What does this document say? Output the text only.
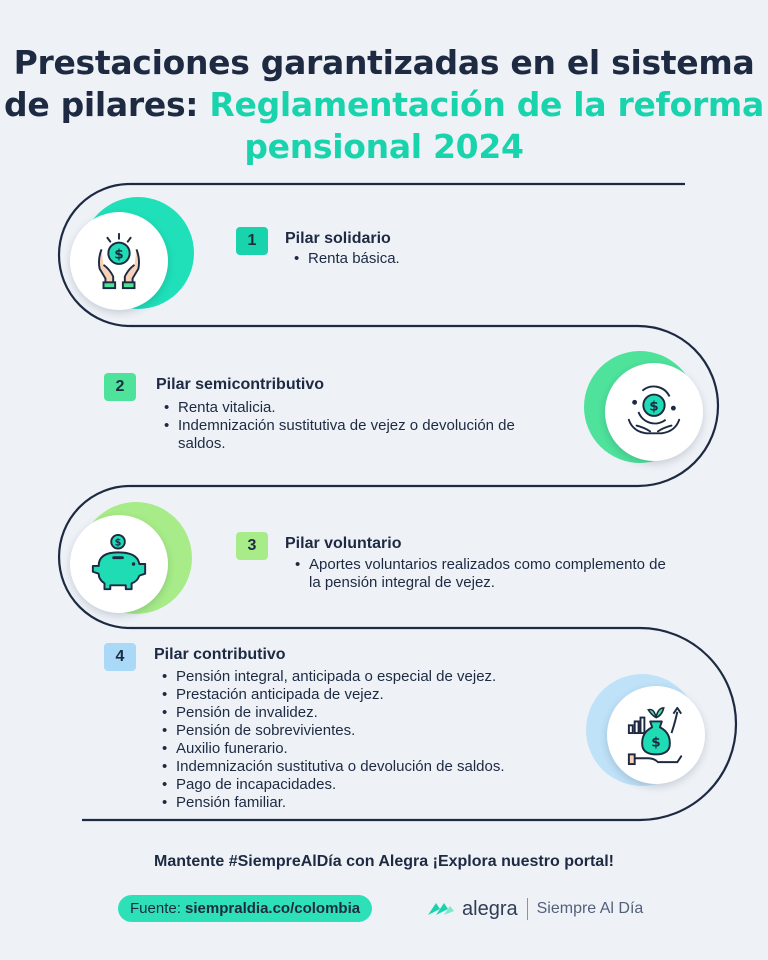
Prestaciones garantizadas en el sistema de pilares: Reglamentación de la reforma pensional 2024
$
1	Pilar solidario
• Renta básica.
$
2	Pilar semicontributivo
• Renta vitalicia.
• Indemnización sustitutiva de vejez o devolución de saldos.
$	3	Pilar voluntario
• Aportes voluntarios realizados como complemento de la pensión integral de vejez.
$
4	Pilar contributivo
• Pensión integral, anticipada o especial de vejez.
• Prestación anticipada de vejez.
• Pensión de invalidez.
• Pensión de sobrevivientes.
• Auxilio funerario.
• Indemnización sustitutiva o devolución de saldos.
• Pago de incapacidades.
• Pensión familiar.
Mantente #SiempreAlDía con Alegra ¡Explora nuestro portal!
Fuente: siempraldia.co/colombia	alegra Siempre Al Día
